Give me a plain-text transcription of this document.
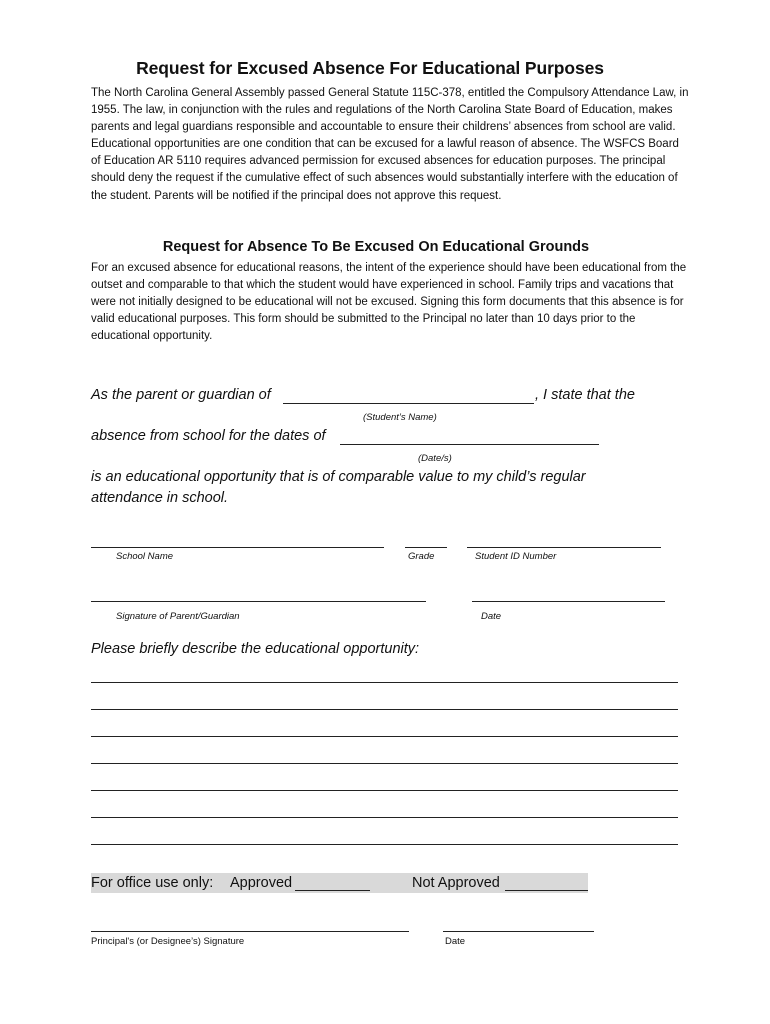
Request for Excused Absence For Educational Purposes
The North Carolina General Assembly passed General Statute 115C-378, entitled the Compulsory Attendance Law, in 1955. The law, in conjunction with the rules and regulations of the North Carolina State Board of Education, makes parents and legal guardians responsible and accountable to ensure their childrens’ absences from school are valid. Educational opportunities are one condition that can be excused for a lawful reason of absence. The WSFCS Board of Education AR 5110 requires advanced permission for excused absences for education purposes. The principal should deny the request if the cumulative effect of such absences would substantially interfere with the education of the student. Parents will be notified if the principal does not approve this request.
Request for Absence To Be Excused On Educational Grounds
For an excused absence for educational reasons, the intent of the experience should have been educational from the outset and comparable to that which the student would have experienced in school. Family trips and vacations that were not initially designed to be educational will not be excused. Signing this form documents that this absence is for valid educational purposes. This form should be submitted to the Principal no later than 10 days prior to the educational opportunity.
As the parent or guardian of	, I state that the
(Student’s Name)
absence from school for the dates of
(Date/s)
is an educational opportunity that is of comparable value to my child’s regular
attendance in school.
School Name	Grade	Student ID Number
Signature of Parent/Guardian	Date
Please briefly describe the educational opportunity:
For office use only: Approved	Not Approved
Principal's (or Designee’s) Signature	Date
